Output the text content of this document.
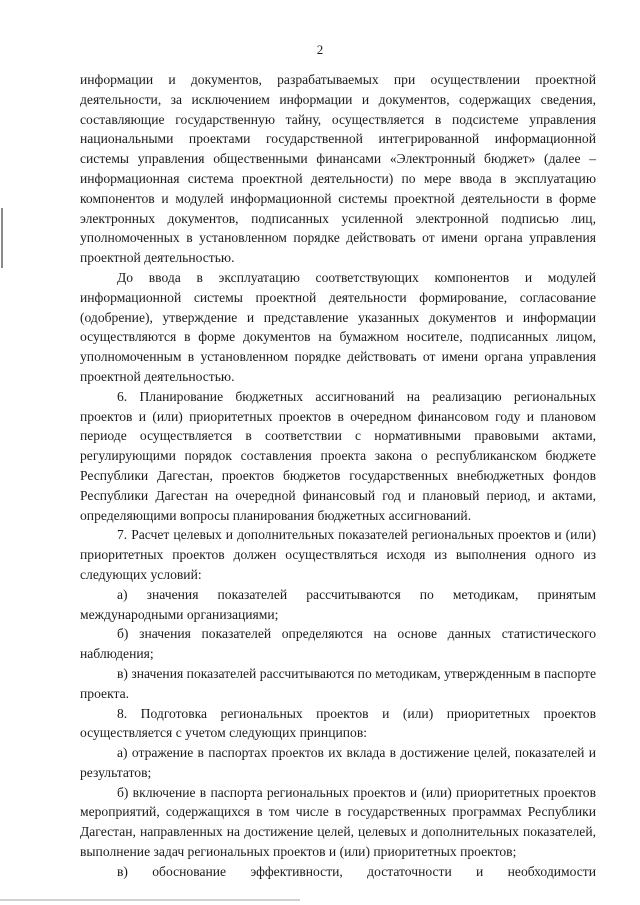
2

информации и документов, разрабатываемых при осуществлении проектной деятельности, за исключением информации и документов, содержащих сведения, составляющие государственную тайну, осуществляется в подсистеме управления национальными проектами государственной интегрированной информационной системы управления общественными финансами «Электронный бюджет» (далее – информационная система проектной деятельности) по мере ввода в эксплуатацию компонентов и модулей информационной системы проектной деятельности в форме электронных документов, подписанных усиленной электронной подписью лиц, уполномоченных в установленном порядке действовать от имени органа управления проектной деятельностью.

До ввода в эксплуатацию соответствующих компонентов и модулей информационной системы проектной деятельности формирование, согласование (одобрение), утверждение и представление указанных документов и информации осуществляются в форме документов на бумажном носителе, подписанных лицом, уполномоченным в установленном порядке действовать от имени органа управления проектной деятельностью.

6. Планирование бюджетных ассигнований на реализацию региональных проектов и (или) приоритетных проектов в очередном финансовом году и плановом периоде осуществляется в соответствии с нормативными правовыми актами, регулирующими порядок составления проекта закона о республиканском бюджете Республики Дагестан, проектов бюджетов государственных внебюджетных фондов Республики Дагестан на очередной финансовый год и плановый период, и актами, определяющими вопросы планирования бюджетных ассигнований.

7. Расчет целевых и дополнительных показателей региональных проектов и (или) приоритетных проектов должен осуществляться исходя из выполнения одного из следующих условий:

а) значения показателей рассчитываются по методикам, принятым международными организациями;

б) значения показателей определяются на основе данных статистического наблюдения;

в) значения показателей рассчитываются по методикам, утвержденным в паспорте проекта.

8. Подготовка региональных проектов и (или) приоритетных проектов осуществляется с учетом следующих принципов:

а) отражение в паспортах проектов их вклада в достижение целей, показателей и результатов;

б) включение в паспорта региональных проектов и (или) приоритетных проектов мероприятий, содержащихся в том числе в государственных программах Республики Дагестан, направленных на достижение целей, целевых и дополнительных показателей, выполнение задач региональных проектов и (или) приоритетных проектов;

в) обоснование эффективности, достаточности и необходимости
